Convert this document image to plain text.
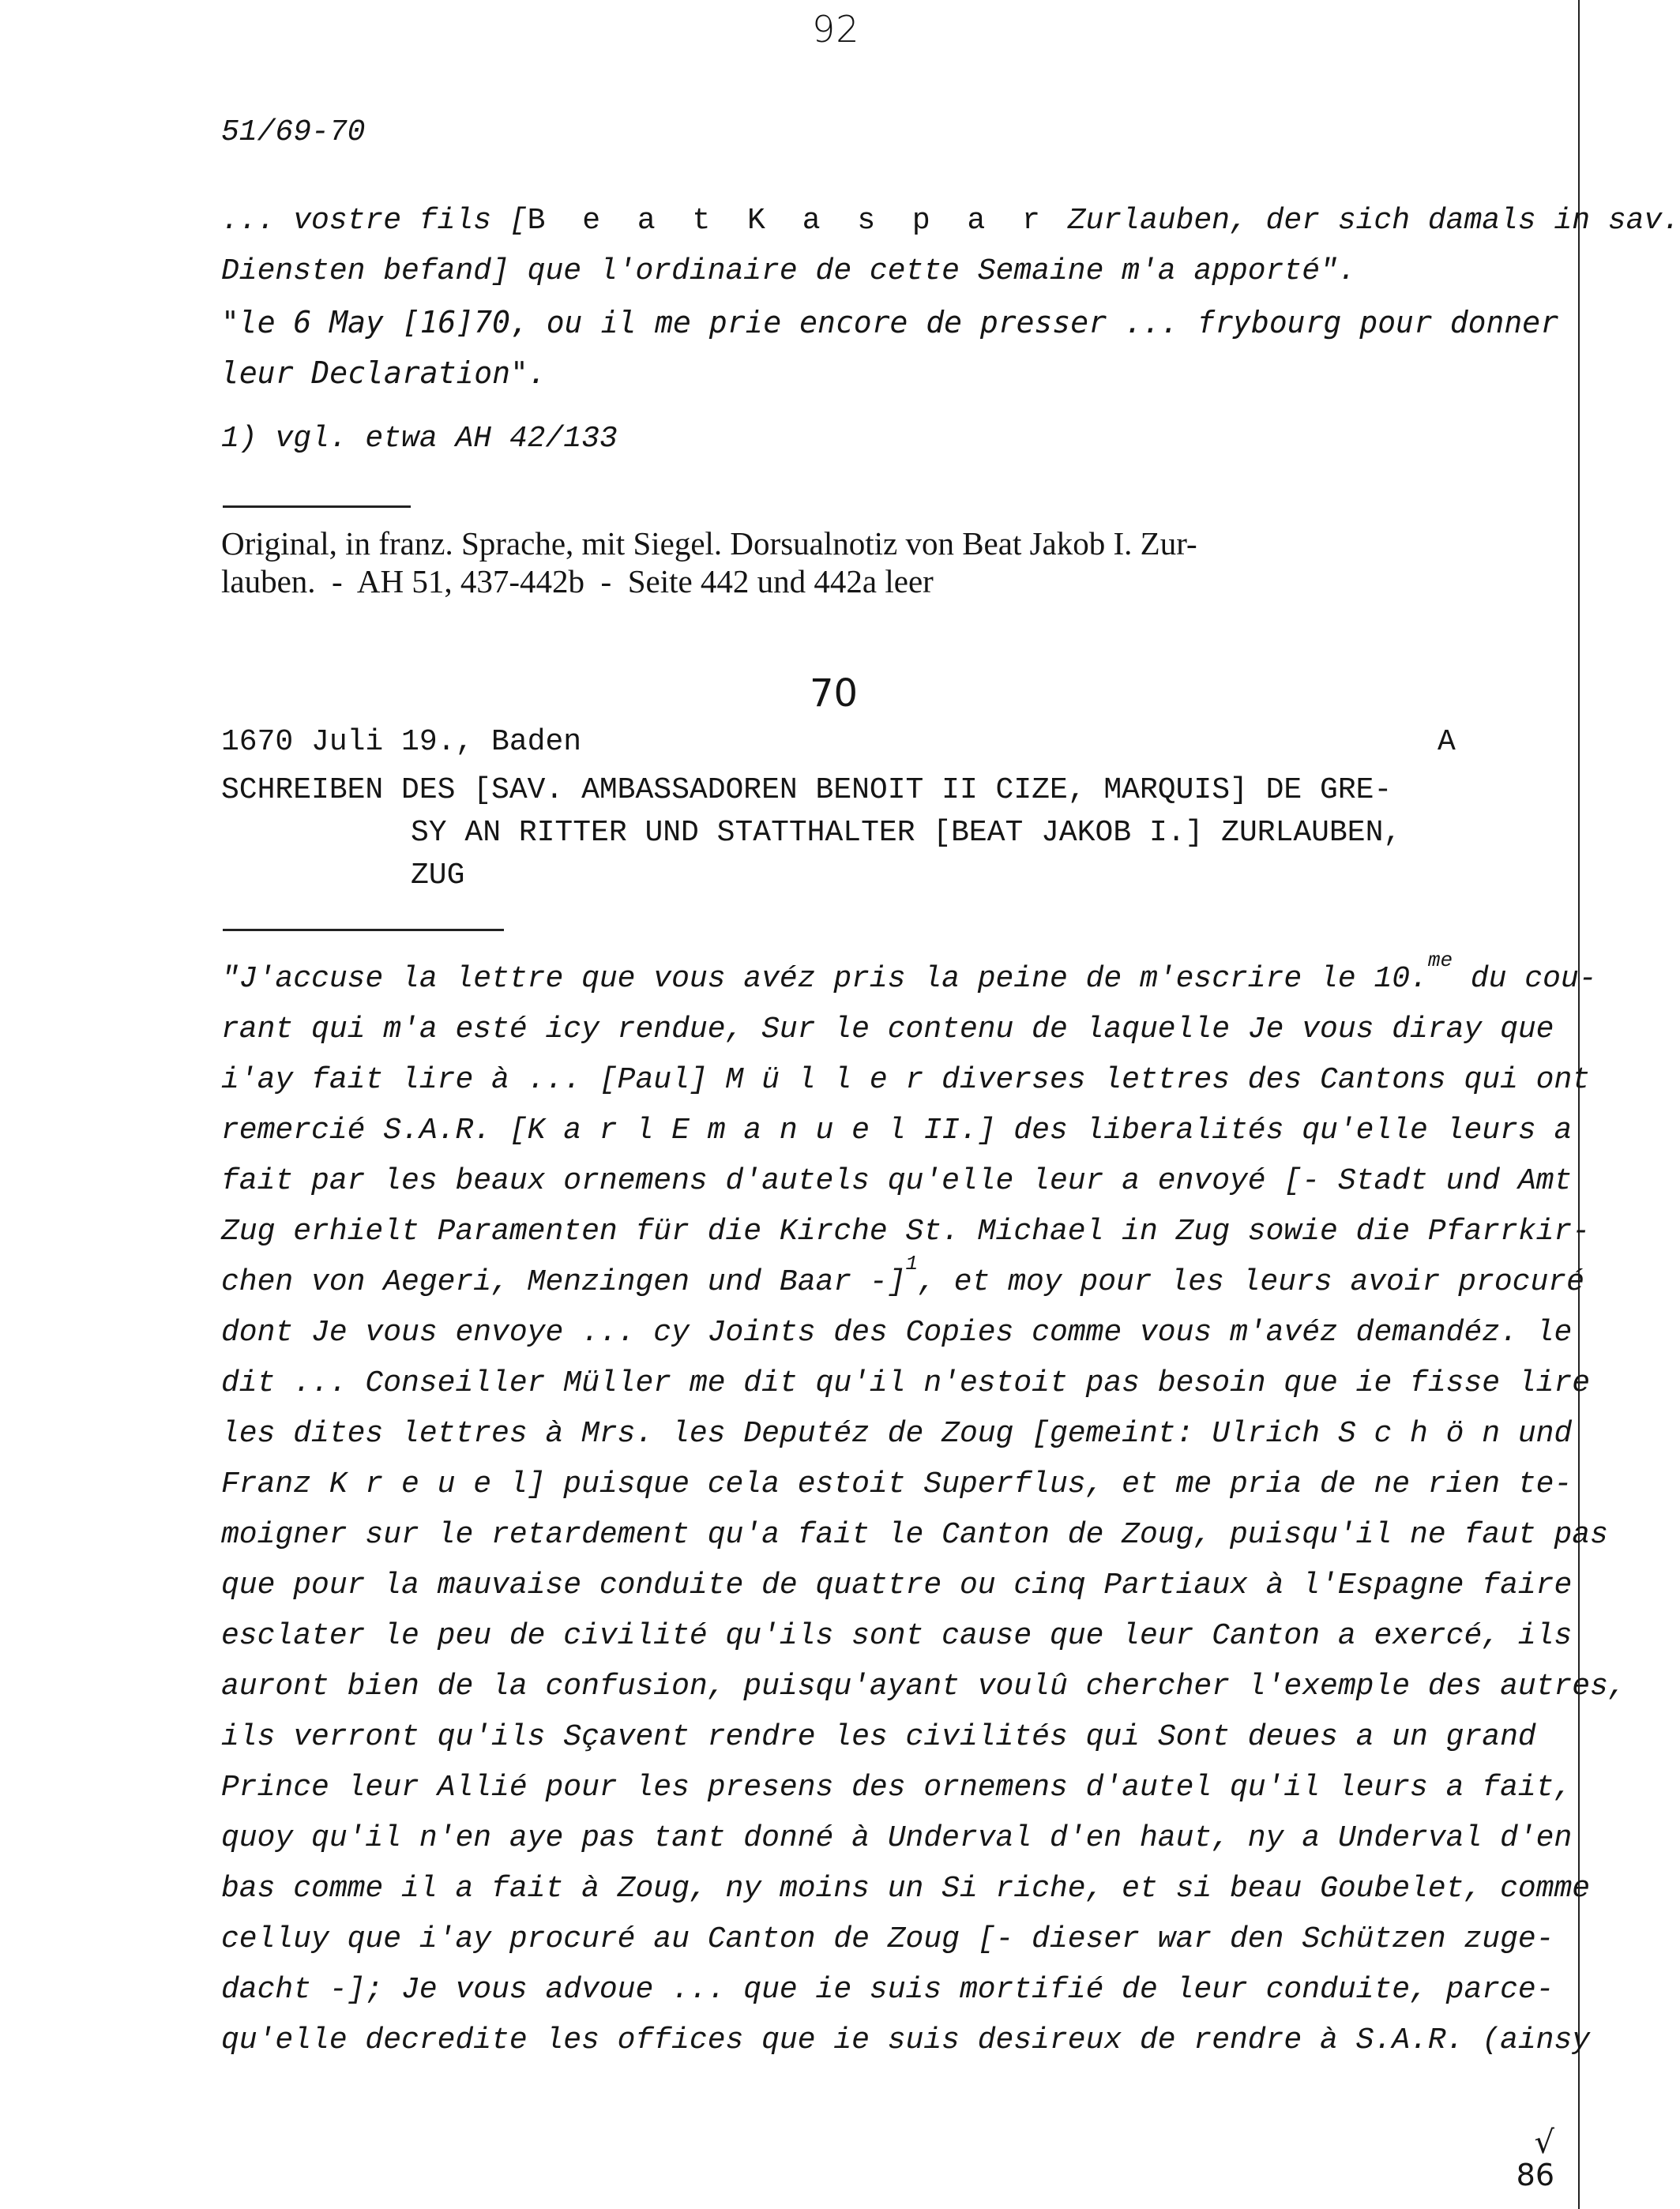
92
51/69-70
... vostre fils [B e a t K a s p a r Zurlauben, der sich damals in sav.
Diensten befand] que l'ordinaire de cette Semaine m'a apporté".
"le 6 May [16]70, ou il me prie encore de presser ... frybourg pour donner
leur Declaration".
1) vgl. etwa AH 42/133
Original, in franz. Sprache, mit Siegel. Dorsualnotiz von Beat Jakob I. Zur-
lauben.  -  AH 51, 437-442b  -  Seite 442 und 442a leer
70
1670 Juli 19., Baden	A
SCHREIBEN DES [SAV. AMBASSADOREN BENOIT II CIZE, MARQUIS] DE GRE-
SY AN RITTER UND STATTHALTER [BEAT JAKOB I.] ZURLAUBEN,
ZUG
"J'accuse la lettre que vous avéz pris la peine de m'escrire le 10.$^{me}$ du cou-
rant qui m'a esté icy rendue, Sur le contenu de laquelle Je vous diray que
i'ay fait lire à ... [Paul] M ü l l e r diverses lettres des Cantons qui ont
remercié S.A.R. [K a r l E m a n u e l II.] des liberalités qu'elle leurs a
fait par les beaux ornemens d'autels qu'elle leur a envoyé [- Stadt und Amt
Zug erhielt Paramenten für die Kirche St. Michael in Zug sowie die Pfarrkir-
chen von Aegeri, Menzingen und Baar -]$^1$, et moy pour les leurs avoir procuré
dont Je vous envoye ... cy Joints des Copies comme vous m'avéz demandéz. le
dit ... Conseiller Müller me dit qu'il n'estoit pas besoin que ie fisse lire
les dites lettres à Mrs. les Deputéz de Zoug [gemeint: Ulrich S c h ö n und
Franz K r e u e l] puisque cela estoit Superflus, et me pria de ne rien te-
moigner sur le retardement qu'a fait le Canton de Zoug, puisqu'il ne faut pas
que pour la mauvaise conduite de quattre ou cinq Partiaux à l'Espagne faire
esclater le peu de civilité qu'ils sont cause que leur Canton a exercé, ils
auront bien de la confusion, puisqu'ayant voulû chercher l'exemple des autres,
ils verront qu'ils Sçavent rendre les civilités qui Sont deues a un grand
Prince leur Allié pour les presens des ornemens d'autel qu'il leurs a fait,
quoy qu'il n'en aye pas tant donné à Underval d'en haut, ny a Underval d'en
bas comme il a fait à Zoug, ny moins un Si riche, et si beau Goubelet, comme
celluy que i'ay procuré au Canton de Zoug [- dieser war den Schützen zuge-
dacht -]; Je vous advoue ... que ie suis mortifié de leur conduite, parce-
qu'elle decredite les offices que ie suis desireux de rendre à S.A.R. (ainsy
√
86
